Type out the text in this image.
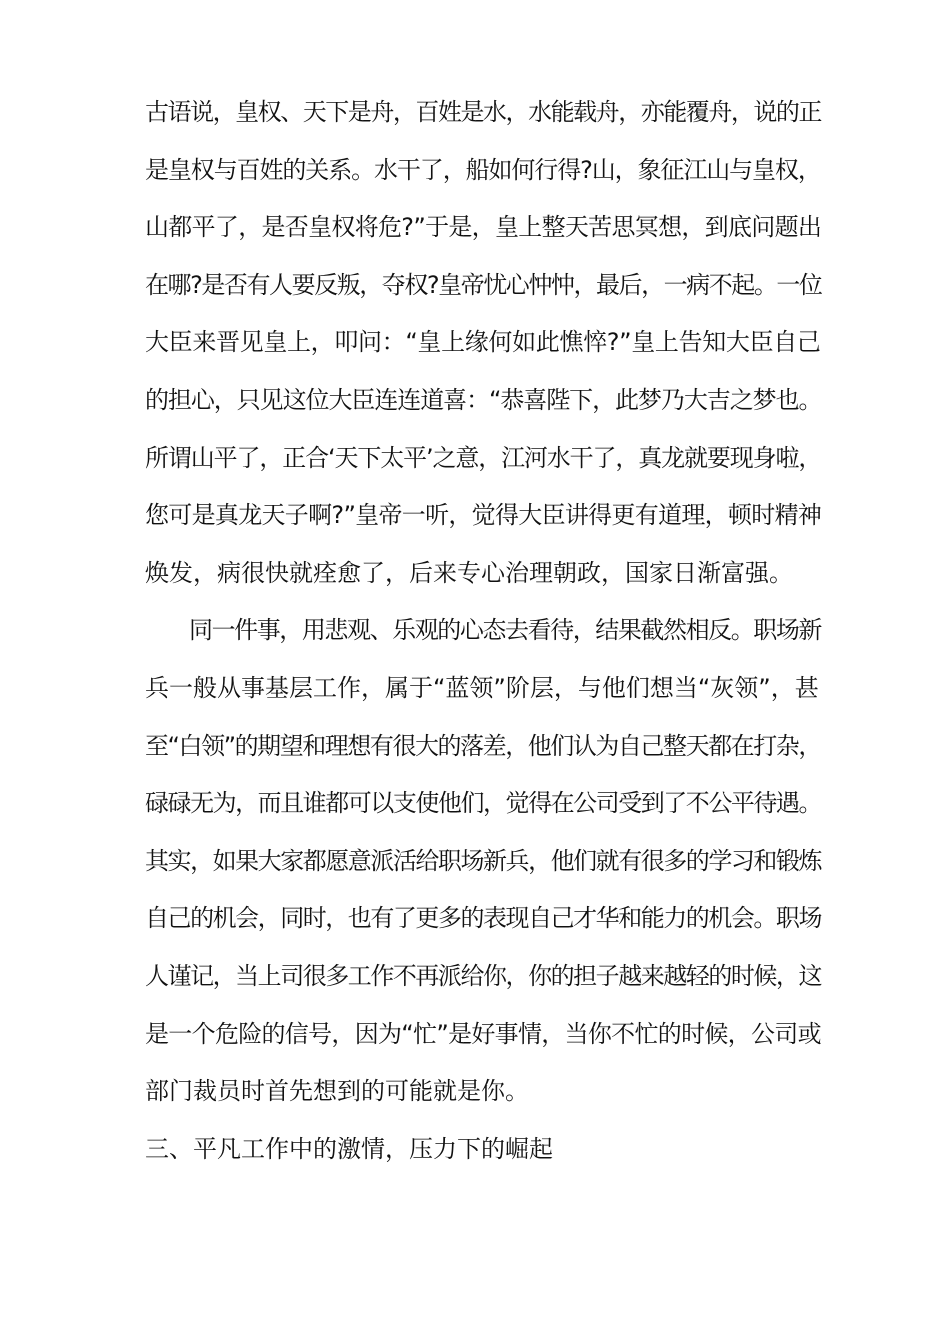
古语说，皇权、天下是舟，百姓是水，水能载舟，亦能覆舟，说的正
是皇权与百姓的关系。水干了，船如何行得?山，象征江山与皇权，
山都平了，是否皇权将危?”于是，皇上整天苦思冥想，到底问题出
在哪?是否有人要反叛，夺权?皇帝忧心忡忡，最后，一病不起。一位
大臣来晋见皇上，叩问：“皇上缘何如此憔悴?”皇上告知大臣自己
的担心，只见这位大臣连连道喜：“恭喜陛下，此梦乃大吉之梦也。
所谓山平了，正合‘天下太平’之意，江河水干了，真龙就要现身啦，
您可是真龙天子啊?”皇帝一听，觉得大臣讲得更有道理，顿时精神
焕发，病很快就痊愈了，后来专心治理朝政，国家日渐富强。
同一件事，用悲观、乐观的心态去看待，结果截然相反。职场新
兵一般从事基层工作，属于“蓝领”阶层，与他们想当“灰领”，甚
至“白领”的期望和理想有很大的落差，他们认为自己整天都在打杂，
碌碌无为，而且谁都可以支使他们，觉得在公司受到了不公平待遇。
其实，如果大家都愿意派活给职场新兵，他们就有很多的学习和锻炼
自己的机会，同时，也有了更多的表现自己才华和能力的机会。职场
人谨记，当上司很多工作不再派给你，你的担子越来越轻的时候，这
是一个危险的信号，因为“忙”是好事情，当你不忙的时候，公司或
部门裁员时首先想到的可能就是你。
三、平凡工作中的激情，压力下的崛起
